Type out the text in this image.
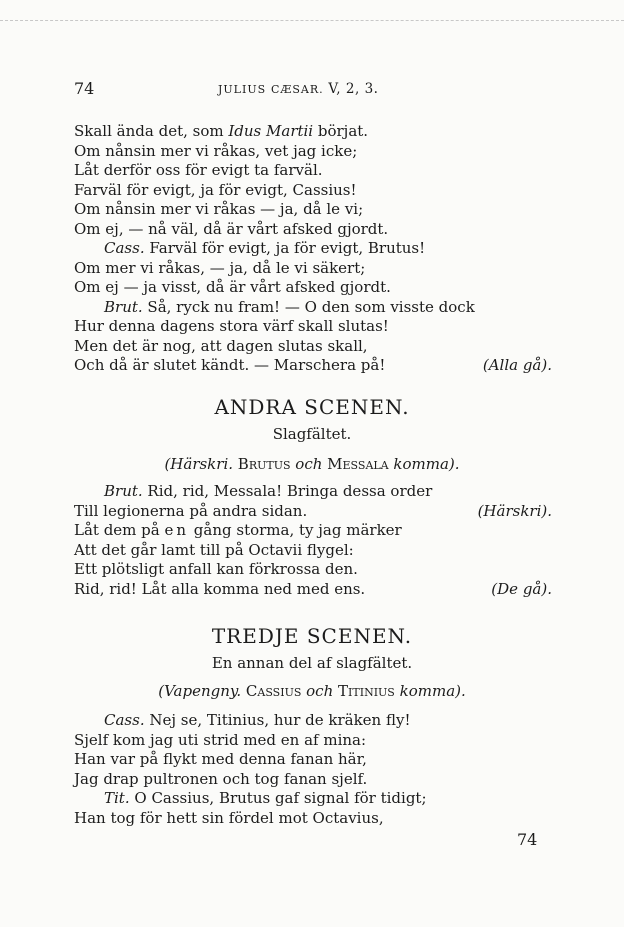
74	JULIUS CÆSAR. V, 2, 3.
Skall ända det, som Idus Martii börjat.
Om nånsin mer vi råkas, vet jag icke;
Låt derför oss för evigt ta farväl.
Farväl för evigt, ja för evigt, Cassius!
Om nånsin mer vi råkas — ja, då le vi;
Om ej, — nå väl, då är vårt afsked gjordt.
Cass. Farväl för evigt, ja för evigt, Brutus!
Om mer vi råkas, — ja, då le vi säkert;
Om ej — ja visst, då är vårt afsked gjordt.
Brut. Så, ryck nu fram! — O den som visste dock
Hur denna dagens stora värf skall slutas!
Men det är nog, att dagen slutas skall,
Och då är slutet kändt. — Marschera på!	(Alla gå).
ANDRA SCENEN.
Slagfältet.
(Härskri. Brutus och Messala komma).
Brut. Rid, rid, Messala! Bringa dessa order
Till legionerna på andra sidan.	(Härskri).
Låt dem på en gång storma, ty jag märker
Att det går lamt till på Octavii flygel:
Ett plötsligt anfall kan förkrossa den.
Rid, rid! Låt alla komma ned med ens.	(De gå).
TREDJE SCENEN.
En annan del af slagfältet.
(Vapengny. Cassius och Titinius komma).
Cass. Nej se, Titinius, hur de kräken fly!
Sjelf kom jag uti strid med en af mina:
Han var på flykt med denna fanan här,
Jag drap pultronen och tog fanan sjelf.
Tit. O Cassius, Brutus gaf signal för tidigt;
Han tog för hett sin fördel mot Octavius,
74
